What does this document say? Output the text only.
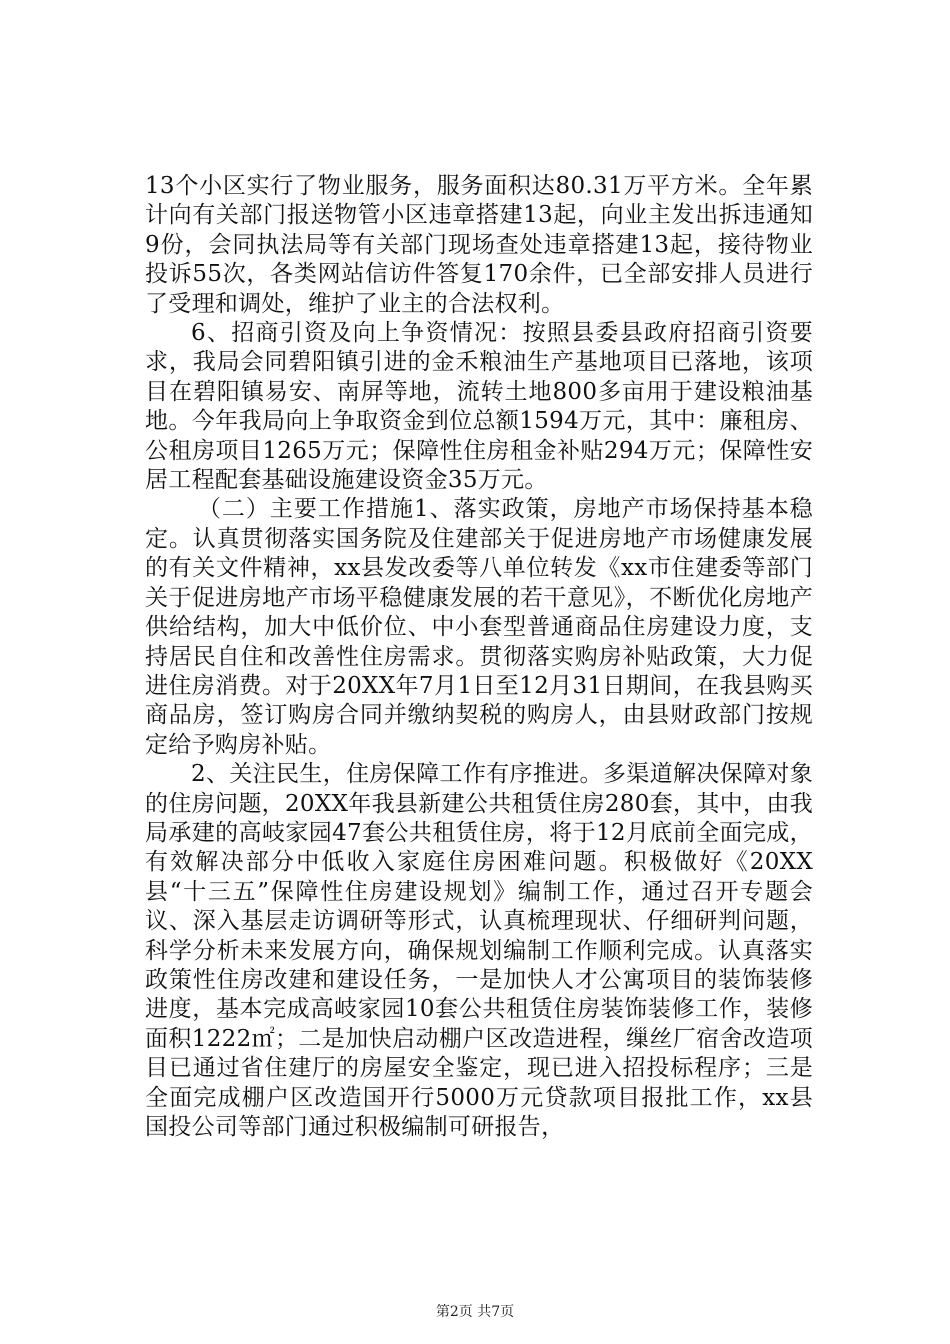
13个小区实行了物业服务，服务面积达80.31万平方米。全年累计向有关部门报送物管小区违章搭建13起，向业主发出拆违通知9份，会同执法局等有关部门现场查处违章搭建13起，接待物业投诉55次，各类网站信访件答复170余件，已全部安排人员进行了受理和调处，维护了业主的合法权利。

6、招商引资及向上争资情况：按照县委县政府招商引资要求，我局会同碧阳镇引进的金禾粮油生产基地项目已落地，该项目在碧阳镇易安、南屏等地，流转土地800多亩用于建设粮油基地。今年我局向上争取资金到位总额1594万元，其中：廉租房、公租房项目1265万元；保障性住房租金补贴294万元；保障性安居工程配套基础设施建设资金35万元。

（二）主要工作措施1、落实政策，房地产市场保持基本稳定。认真贯彻落实国务院及住建部关于促进房地产市场健康发展的有关文件精神，xx县发改委等八单位转发《xx市住建委等部门关于促进房地产市场平稳健康发展的若干意见》，不断优化房地产供给结构，加大中低价位、中小套型普通商品住房建设力度，支持居民自住和改善性住房需求。贯彻落实购房补贴政策，大力促进住房消费。对于20XX年7月1日至12月31日期间，在我县购买商品房，签订购房合同并缴纳契税的购房人，由县财政部门按规定给予购房补贴。

2、关注民生，住房保障工作有序推进。多渠道解决保障对象的住房问题，20XX年我县新建公共租赁住房280套，其中，由我局承建的高岐家园47套公共租赁住房，将于12月底前全面完成，有效解决部分中低收入家庭住房困难问题。积极做好《20XX县“十三五”保障性住房建设规划》编制工作，通过召开专题会议、深入基层走访调研等形式，认真梳理现状、仔细研判问题，科学分析未来发展方向，确保规划编制工作顺利完成。认真落实政策性住房改建和建设任务，一是加快人才公寓项目的装饰装修进度，基本完成高岐家园10套公共租赁住房装饰装修工作，装修面积1222㎡；二是加快启动棚户区改造进程，缫丝厂宿舍改造项目已通过省住建厅的房屋安全鉴定，现已进入招投标程序；三是全面完成棚户区改造国开行5000万元贷款项目报批工作，xx县国投公司等部门通过积极编制可研报告，

第2页 共7页
